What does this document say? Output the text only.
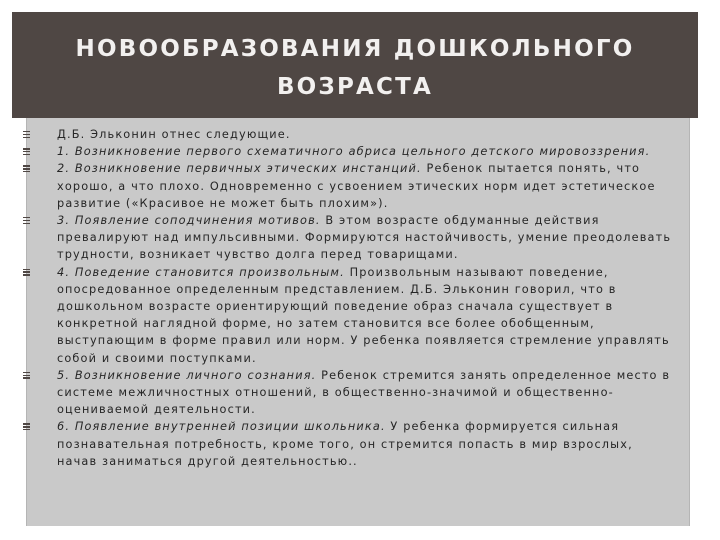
НОВООБРАЗОВАНИЯ ДОШКОЛЬНОГО
ВОЗРАСТА
Д.Б. Эльконин отнес следующие.
1. Возникновение первого схематичного абриса цельного детского мировоззрения.
2. Возникновение первичных этических инстанций. Ребенок пытается понять, что хорошо, а что плохо. Одновременно с усвоением этических норм идет эстетическое развитие («Красивое не может быть плохим»).
3. Появление соподчинения мотивов. В этом возрасте обдуманные действия превалируют над импульсивными. Формируются настойчивость, умение преодолевать трудности, возникает чувство долга перед товарищами.
4. Поведение становится произвольным. Произвольным называют поведение, опосредованное определенным представлением. Д.Б. Эльконин говорил, что в дошкольном возрасте ориентирующий поведение образ сначала существует в конкретной наглядной форме, но затем становится все более обобщенным, выступающим в форме правил или норм. У ребенка появляется стремление управлять собой и своими поступками.
5. Возникновение личного сознания. Ребенок стремится занять определенное место в системе межличностных отношений, в общественно-значимой и общественно-оцениваемой деятельности.
6. Появление внутренней позиции школьника. У ребенка формируется сильная познавательная потребность, кроме того, он стремится попасть в мир взрослых, начав заниматься другой деятельностью..
